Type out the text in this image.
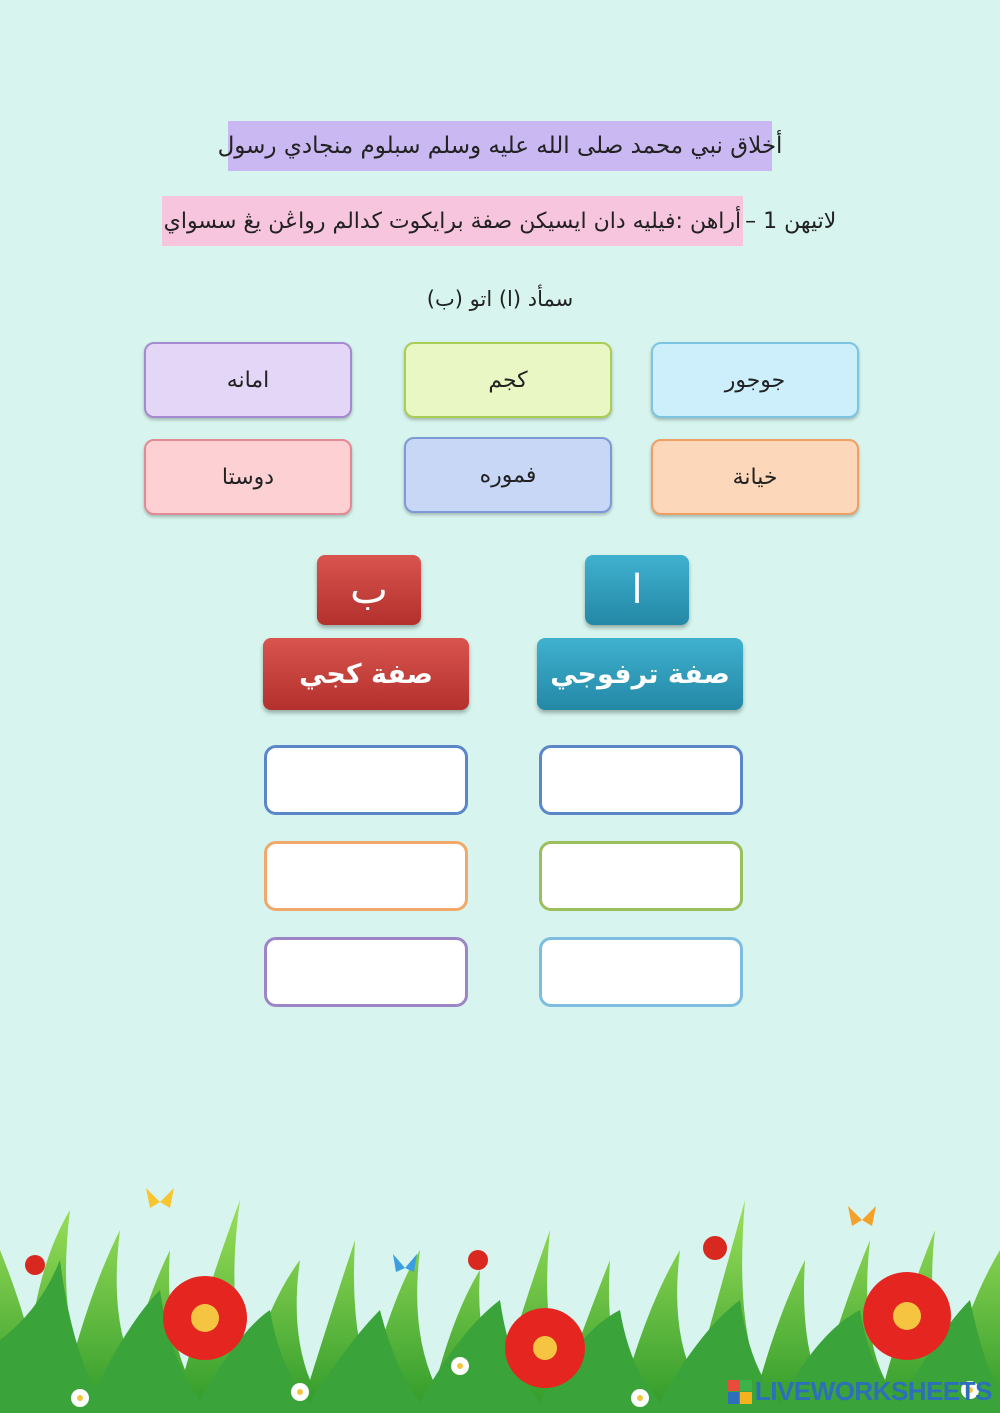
أخلاق نبي محمد صلى الله عليه وسلم سبلوم منجادي رسول
لاتيهن 1 –
أراهن :فيليه دان ايسيكن صفة برايكوت كدالم رواڠن يڠ سسواي
سمأد (ا) اتو (ب)
جوجور
كجم
امانه
خيانة
فموره
دوستا
ا
صفة ترفوجي
ب
صفة كجي
LIVEWORKSHEETS
